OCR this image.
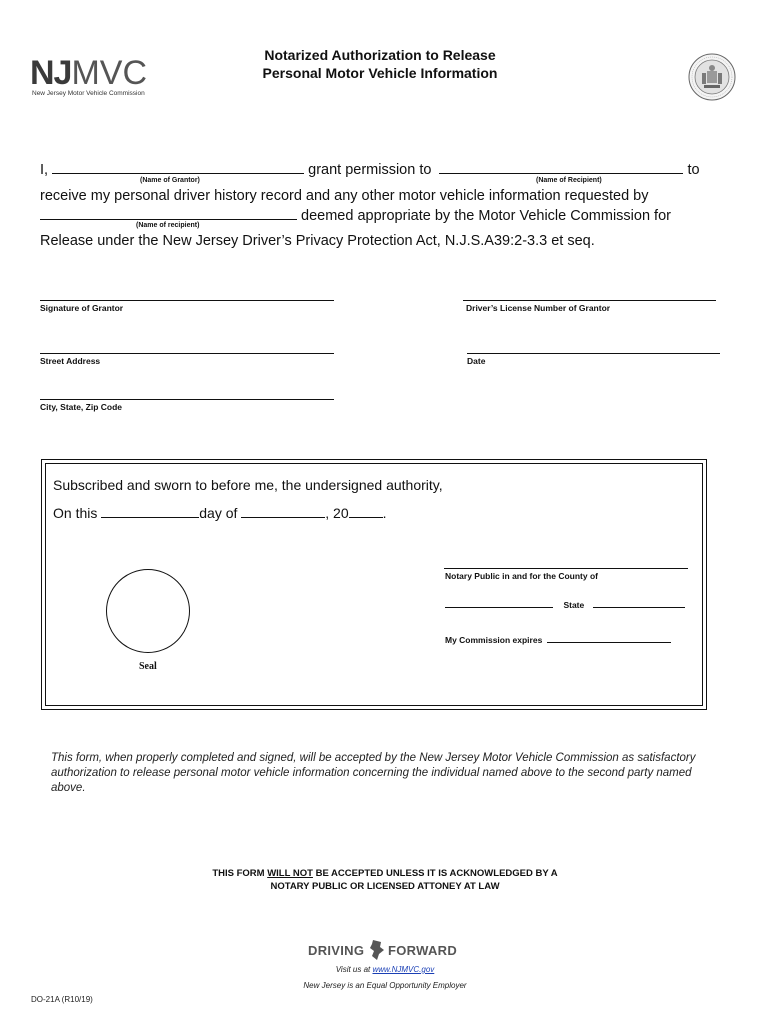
NJMVC
New Jersey Motor Vehicle Commission
Notarized Authorization to Release
Personal Motor Vehicle Information
I,	grant permission to	to
(Name of Grantor)	(Name of Recipient)
receive my personal driver history record and any other motor vehicle information requested by
deemed appropriate by the Motor Vehicle Commission for
(Name of recipient)
Release under the New Jersey Driver’s Privacy Protection Act, N.J.S.A39:2-3.3 et seq.
Signature of Grantor	Driver’s License Number of Grantor
Street Address	Date
City, State, Zip Code
Subscribed and sworn to before me, the undersigned authority,
On this	day of	, 20 .
Notary Public in and for the County of
State
My Commission expires
Seal
This form, when properly completed and signed, will be accepted by the New Jersey Motor Vehicle Commission as satisfactory authorization to release personal motor vehicle information concerning the individual named above to the second party named above.
THIS FORM WILL NOT BE ACCEPTED UNLESS IT IS ACKNOWLEDGED BY A
NOTARY PUBLIC OR LICENSED ATTONEY AT LAW
DRIVING FORWARD
Visit us at www.NJMVC.gov
New Jersey is an Equal Opportunity Employer
DO-21A (R10/19)
